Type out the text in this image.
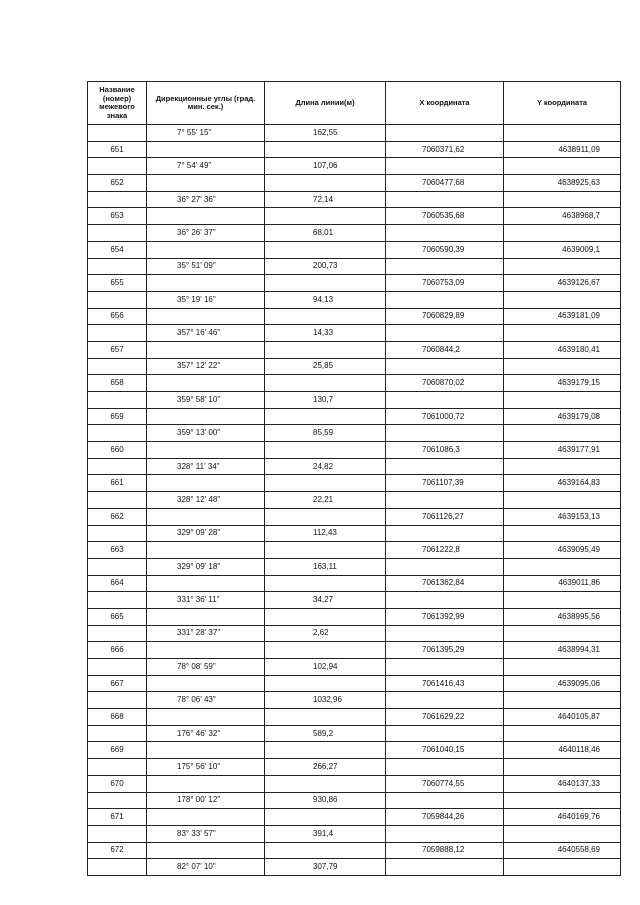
Название (номер) межевого знака	Дирекционные углы (град. мин. сек.)	Длина линии(м)	X координата	Y координата
	7° 55' 15"	162,55		
651			7060371,62	4638911,09
	7° 54' 49"	107,06		
652			7060477,68	4638925,63
	36° 27' 36"	72,14		
653			7060535,68	4638968,7
	36° 26' 37"	68,01		
654			7060590,39	4639009,1
	35° 51' 09"	200,73		
655			7060753,09	4639126,67
	35° 19' 16"	94,13		
656			7060829,89	4639181,09
	357° 16' 46"	14,33		
657			7060844,2	4639180,41
	357° 12' 22"	25,85		
658			7060870,02	4639179,15
	359° 58' 10"	130,7		
659			7061000,72	4639179,08
	359° 13' 00"	85,59		
660			7061086,3	4639177,91
	328° 11' 34"	24,82		
661			7061107,39	4639164,83
	328° 12' 48"	22,21		
662			7061126,27	4639153,13
	329° 09' 28"	112,43		
663			7061222,8	4639095,49
	329° 09' 18"	163,11		
664			7061362,84	4639011,86
	331° 36' 11"	34,27		
665			7061392,99	4638995,56
	331° 28' 37"	2,62		
666			7061395,29	4638994,31
	78° 08' 59"	102,94		
667			7061416,43	4639095,06
	78° 06' 43"	1032,96		
668			7061629,22	4640105,87
	176° 46' 32"	589,2		
669			7061040,15	4640118,46
	175° 56' 10"	266,27		
670			7060774,55	4640137,33
	178° 00' 12"	930,86		
671			7059844,26	4640169,76
	83° 33' 57"	391,4		
672			7059888,12	4640558,69
	82° 07' 10"	307,79		
